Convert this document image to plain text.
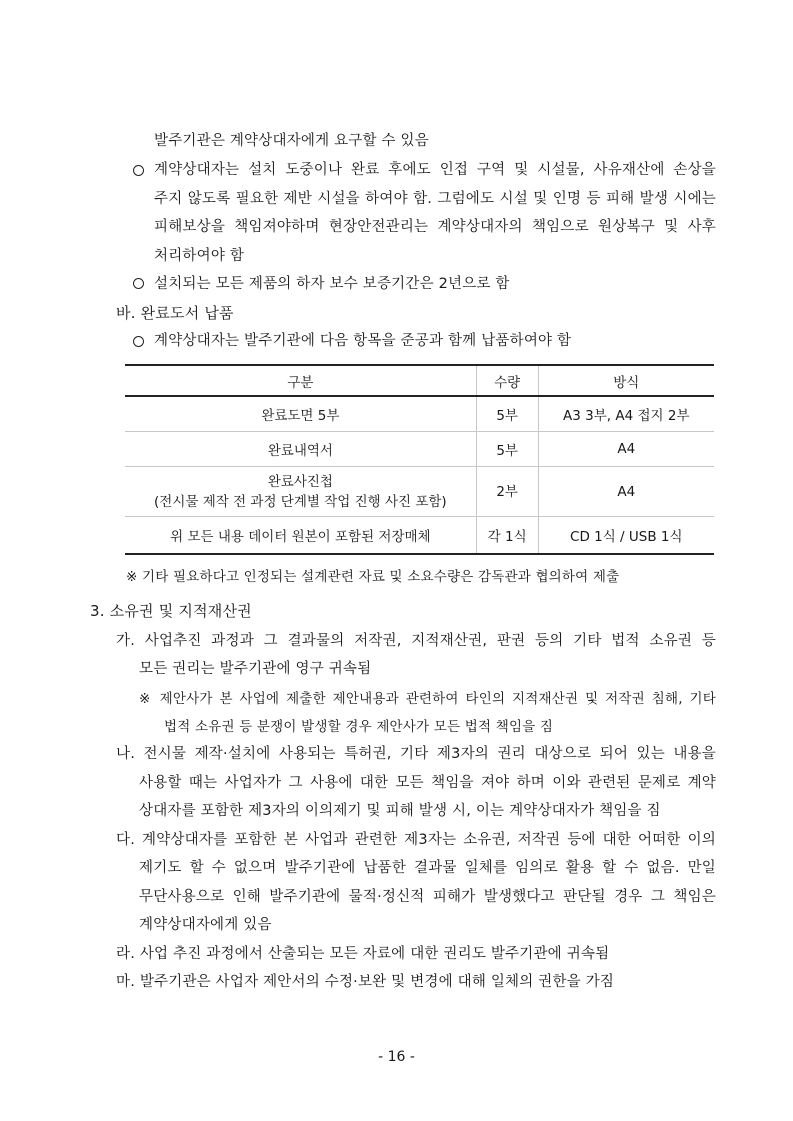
발주기관은 계약상대자에게 요구할 수 있음
계약상대자는 설치 도중이나 완료 후에도 인접 구역 및 시설물, 사유재산에 손상을
주지 않도록 필요한 제반 시설을 하여야 함. 그럼에도 시설 및 인명 등 피해 발생 시에는
피해보상을 책임져야하며 현장안전관리는 계약상대자의 책임으로 원상복구 및 사후
처리하여야 함
설치되는 모든 제품의 하자 보수 보증기간은 2년으로 함
바. 완료도서 납품
계약상대자는 발주기관에 다음 항목을 준공과 함께 납품하여야 함
구분	수량	방식
완료도면 5부	5부	A3 3부, A4 접지 2부
완료내역서	5부	A4

완료사진첩
(전시물 제작 전 과정 단계별 작업 진행 사진 포함)	2부	A4
위 모든 내용 데이터 원본이 포함된 저장매체	각 1식	CD 1식 / USB 1식
※ 기타 필요하다고 인정되는 설계관련 자료 및 소요수량은 감독관과 협의하여 제출
3. 소유권 및 지적재산권
가. 사업추진 과정과 그 결과물의 저작권, 지적재산권, 판권 등의 기타 법적 소유권 등
모든 권리는 발주기관에 영구 귀속됨
※ 제안사가 본 사업에 제출한 제안내용과 관련하여 타인의 지적재산권 및 저작권 침해, 기타
법적 소유권 등 분쟁이 발생할 경우 제안사가 모든 법적 책임을 짐
나. 전시물 제작·설치에 사용되는 특허권, 기타 제3자의 권리 대상으로 되어 있는 내용을
사용할 때는 사업자가 그 사용에 대한 모든 책임을 져야 하며 이와 관련된 문제로 계약
상대자를 포함한 제3자의 이의제기 및 피해 발생 시, 이는 계약상대자가 책임을 짐
다. 계약상대자를 포함한 본 사업과 관련한 제3자는 소유권, 저작권 등에 대한 어떠한 이의
제기도 할 수 없으며 발주기관에 납품한 결과물 일체를 임의로 활용 할 수 없음. 만일
무단사용으로 인해 발주기관에 물적·정신적 피해가 발생했다고 판단될 경우 그 책임은
계약상대자에게 있음
라. 사업 추진 과정에서 산출되는 모든 자료에 대한 권리도 발주기관에 귀속됨
마. 발주기관은 사업자 제안서의 수정·보완 및 변경에 대해 일체의 권한을 가짐
- 16 -
